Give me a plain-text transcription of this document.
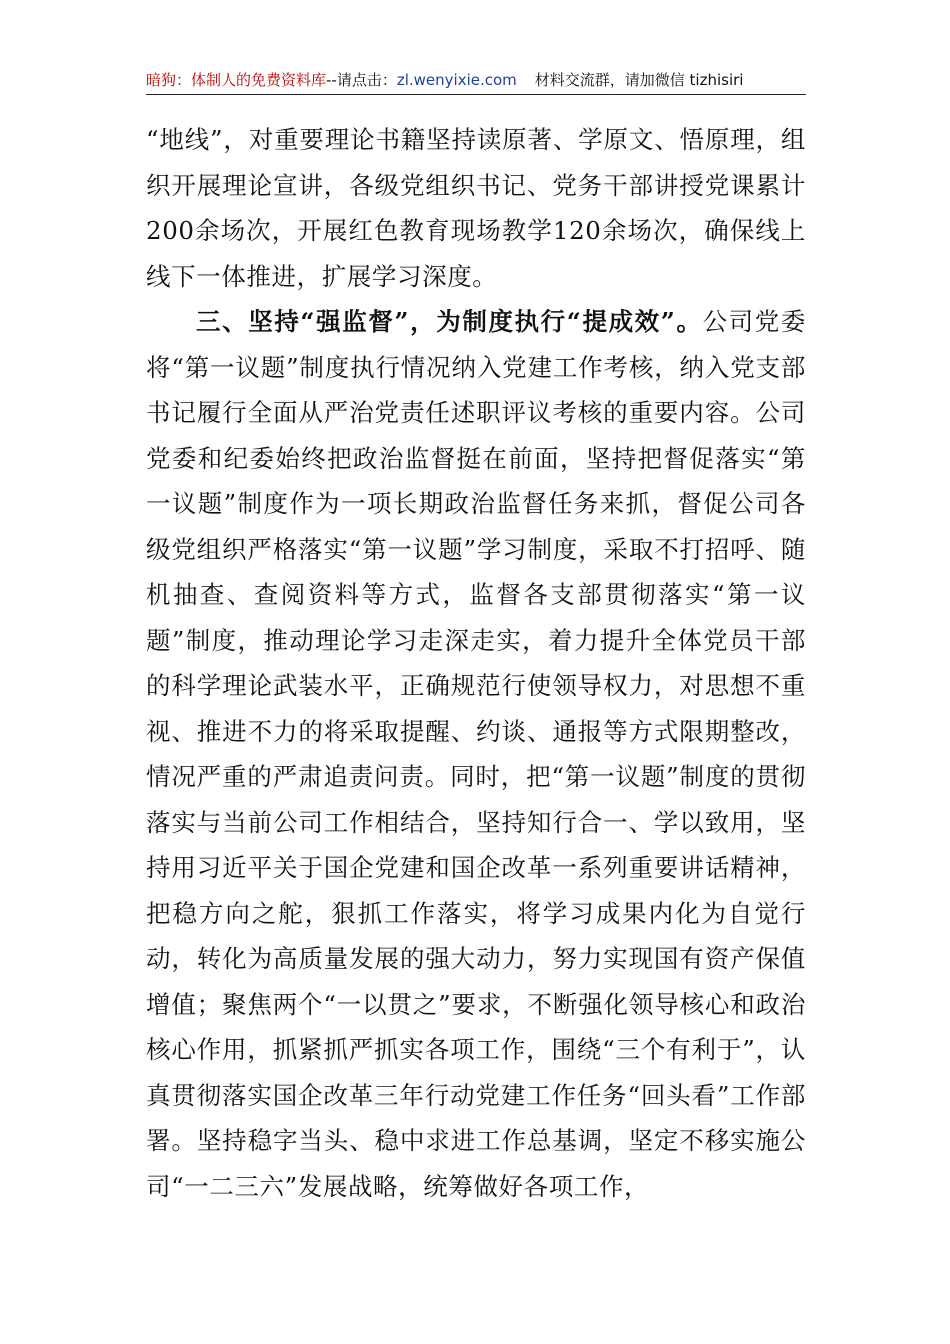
暗狗：体制人的免费资料库--请点击：zl.wenyixie.com 材料交流群，请加微信 tizhisiri

“地线”，对重要理论书籍坚持读原著、学原文、悟原理，组织开展理论宣讲，各级党组织书记、党务干部讲授党课累计200余场次，开展红色教育现场教学120余场次，确保线上线下一体推进，扩展学习深度。

三、坚持“强监督”，为制度执行“提成效”。公司党委将“第一议题”制度执行情况纳入党建工作考核，纳入党支部书记履行全面从严治党责任述职评议考核的重要内容。公司党委和纪委始终把政治监督挺在前面，坚持把督促落实“第一议题”制度作为一项长期政治监督任务来抓，督促公司各级党组织严格落实“第一议题”学习制度，采取不打招呼、随机抽查、查阅资料等方式，监督各支部贯彻落实“第一议题”制度，推动理论学习走深走实，着力提升全体党员干部的科学理论武装水平，正确规范行使领导权力，对思想不重视、推进不力的将采取提醒、约谈、通报等方式限期整改，情况严重的严肃追责问责。同时，把“第一议题”制度的贯彻落实与当前公司工作相结合，坚持知行合一、学以致用，坚持用习近平关于国企党建和国企改革一系列重要讲话精神，把稳方向之舵，狠抓工作落实，将学习成果内化为自觉行动，转化为高质量发展的强大动力，努力实现国有资产保值增值；聚焦两个“一以贯之”要求，不断强化领导核心和政治核心作用，抓紧抓严抓实各项工作，围绕“三个有利于”，认真贯彻落实国企改革三年行动党建工作任务“回头看”工作部署。坚持稳字当头、稳中求进工作总基调，坚定不移实施公司“一二三六”发展战略，统筹做好各项工作，
